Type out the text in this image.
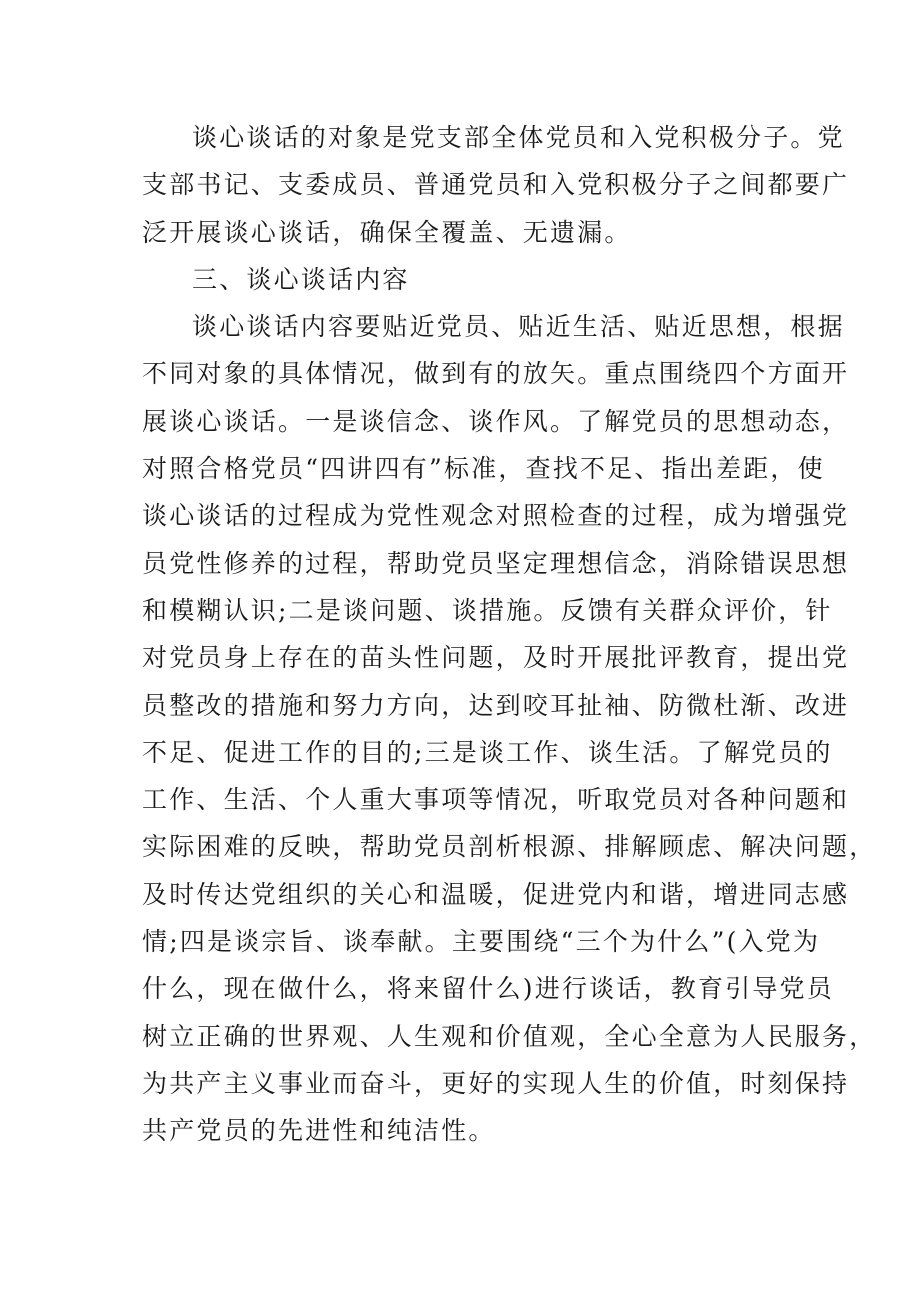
谈心谈话的对象是党支部全体党员和入党积极分子。党
支部书记、支委成员、普通党员和入党积极分子之间都要广
泛开展谈心谈话，确保全覆盖、无遗漏。
三、谈心谈话内容
谈心谈话内容要贴近党员、贴近生活、贴近思想，根据
不同对象的具体情况，做到有的放矢。重点围绕四个方面开
展谈心谈话。一是谈信念、谈作风。了解党员的思想动态，
对照合格党员“四讲四有”标准，查找不足、指出差距，使
谈心谈话的过程成为党性观念对照检查的过程，成为增强党
员党性修养的过程，帮助党员坚定理想信念，消除错误思想
和模糊认识;二是谈问题、谈措施。反馈有关群众评价，针
对党员身上存在的苗头性问题，及时开展批评教育，提出党
员整改的措施和努力方向，达到咬耳扯袖、防微杜渐、改进
不足、促进工作的目的;三是谈工作、谈生活。了解党员的
工作、生活、个人重大事项等情况，听取党员对各种问题和
实际困难的反映，帮助党员剖析根源、排解顾虑、解决问题，
及时传达党组织的关心和温暖，促进党内和谐，增进同志感
情;四是谈宗旨、谈奉献。主要围绕“三个为什么”(入党为
什么，现在做什么，将来留什么)进行谈话，教育引导党员
树立正确的世界观、人生观和价值观，全心全意为人民服务，
为共产主义事业而奋斗，更好的实现人生的价值，时刻保持
共产党员的先进性和纯洁性。
